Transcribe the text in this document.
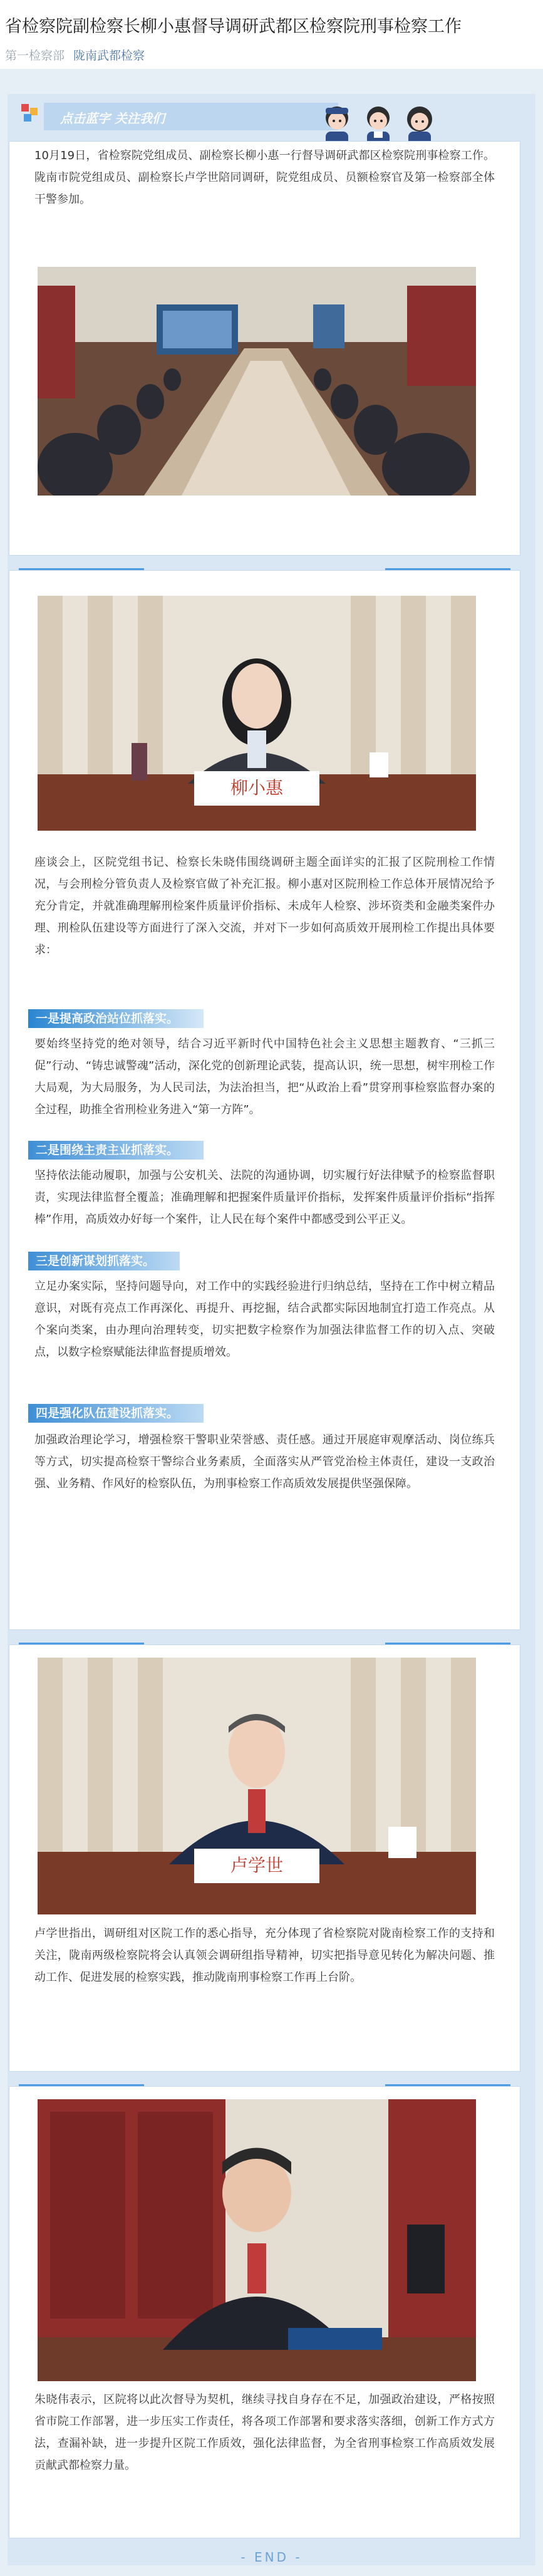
省检察院副检察长柳小惠督导调研武都区检察院刑事检察工作
第一检察部 陇南武都检察
点击蓝字 关注我们

10月19日，省检察院党组成员、副检察长柳小惠一行督导调研武都区检察院刑事检察工作。陇南市院党组成员、副检察长卢学世陪同调研，院党组成员、员额检察官及第一检察部全体干警参加。

柳小惠

座谈会上，区院党组书记、检察长朱晓伟围绕调研主题全面详实的汇报了区院刑检工作情况，与会刑检分管负责人及检察官做了补充汇报。柳小惠对区院刑检工作总体开展情况给予充分肯定，并就准确理解刑检案件质量评价指标、未成年人检察、涉坏资类和金融类案件办理、刑检队伍建设等方面进行了深入交流，并对下一步如何高质效开展刑检工作提出具体要求：

一是提高政治站位抓落实。

要始终坚持党的绝对领导，结合习近平新时代中国特色社会主义思想主题教育、“三抓三促”行动、“铸忠诚警魂”活动，深化党的创新理论武装，提高认识，统一思想，树牢刑检工作大局观，为大局服务，为人民司法，为法治担当，把“从政治上看”贯穿刑事检察监督办案的全过程，助推全省刑检业务进入“第一方阵”。

二是围绕主责主业抓落实。

坚持依法能动履职，加强与公安机关、法院的沟通协调，切实履行好法律赋予的检察监督职责，实现法律监督全覆盖；准确理解和把握案件质量评价指标，发挥案件质量评价指标“指挥棒”作用，高质效办好每一个案件，让人民在每个案件中都感受到公平正义。

三是创新谋划抓落实。

立足办案实际，坚持问题导向，对工作中的实践经验进行归纳总结，坚持在工作中树立精品意识，对既有亮点工作再深化、再提升、再挖掘，结合武都实际因地制宜打造工作亮点。从个案向类案，由办理向治理转变，切实把数字检察作为加强法律监督工作的切入点、突破点，以数字检察赋能法律监督提质增效。

四是强化队伍建设抓落实。

加强政治理论学习，增强检察干警职业荣誉感、责任感。通过开展庭审观摩活动、岗位练兵等方式，切实提高检察干警综合业务素质，全面落实从严管党治检主体责任，建设一支政治强、业务精、作风好的检察队伍，为刑事检察工作高质效发展提供坚强保障。

卢学世

卢学世指出，调研组对区院工作的悉心指导，充分体现了省检察院对陇南检察工作的支持和关注，陇南两级检察院将会认真领会调研组指导精神，切实把指导意见转化为解决问题、推动工作、促进发展的检察实践，推动陇南刑事检察工作再上台阶。

朱晓伟表示，区院将以此次督导为契机，继续寻找自身存在不足，加强政治建设，严格按照省市院工作部署，进一步压实工作责任，将各项工作部署和要求落实落细，创新工作方式方法，查漏补缺，进一步提升区院工作质效，强化法律监督，为全省刑事检察工作高质效发展贡献武都检察力量。

- END -
